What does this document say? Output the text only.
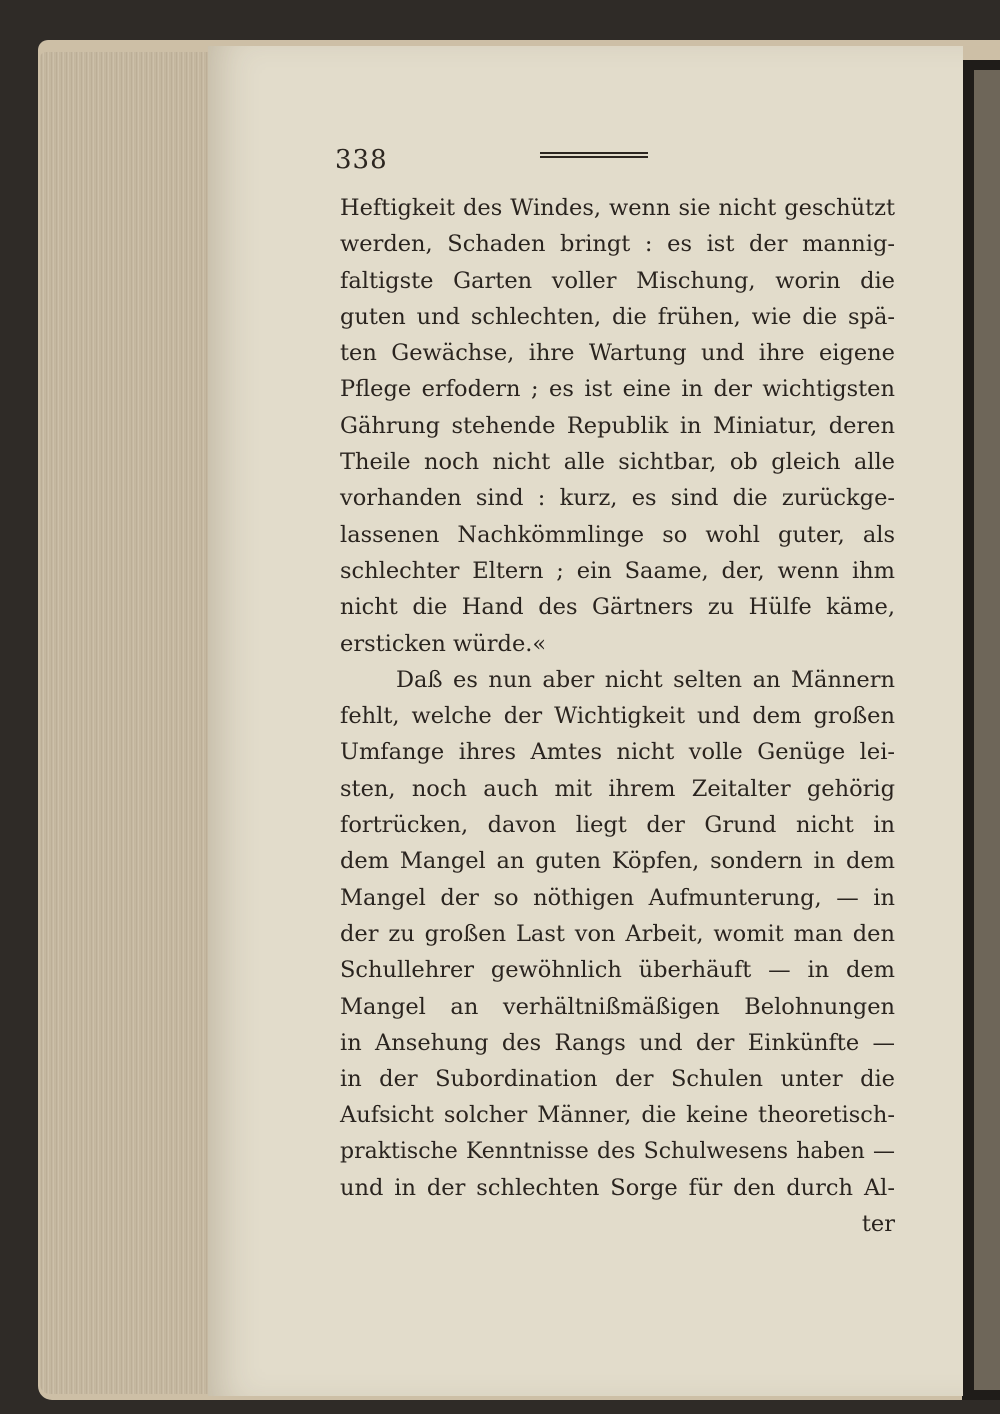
338
Heftigkeit des Windes, wenn sie nicht geschützt
werden, Schaden bringt : es ist der mannig-
faltigste Garten voller Mischung, worin die
guten und schlechten, die frühen, wie die spä-
ten Gewächse, ihre Wartung und ihre eigene
Pflege erfodern ; es ist eine in der wichtigsten
Gährung stehende Republik in Miniatur, deren
Theile noch nicht alle sichtbar, ob gleich alle
vorhanden sind : kurz, es sind die zurückge-
lassenen Nachkömmlinge so wohl guter, als
schlechter Eltern ; ein Saame, der, wenn ihm
nicht die Hand des Gärtners zu Hülfe käme,
ersticken würde.«
Daß es nun aber nicht selten an Männern
fehlt, welche der Wichtigkeit und dem großen
Umfange ihres Amtes nicht volle Genüge lei-
sten, noch auch mit ihrem Zeitalter gehörig
fortrücken, davon liegt der Grund nicht in
dem Mangel an guten Köpfen, sondern in dem
Mangel der so nöthigen Aufmunterung, — in
der zu großen Last von Arbeit, womit man den
Schullehrer gewöhnlich überhäuft — in dem
Mangel an verhältnißmäßigen Belohnungen
in Ansehung des Rangs und der Einkünfte —
in der Subordination der Schulen unter die
Aufsicht solcher Männer, die keine theoretisch-
praktische Kenntnisse des Schulwesens haben —
und in der schlechten Sorge für den durch Al-
ter
